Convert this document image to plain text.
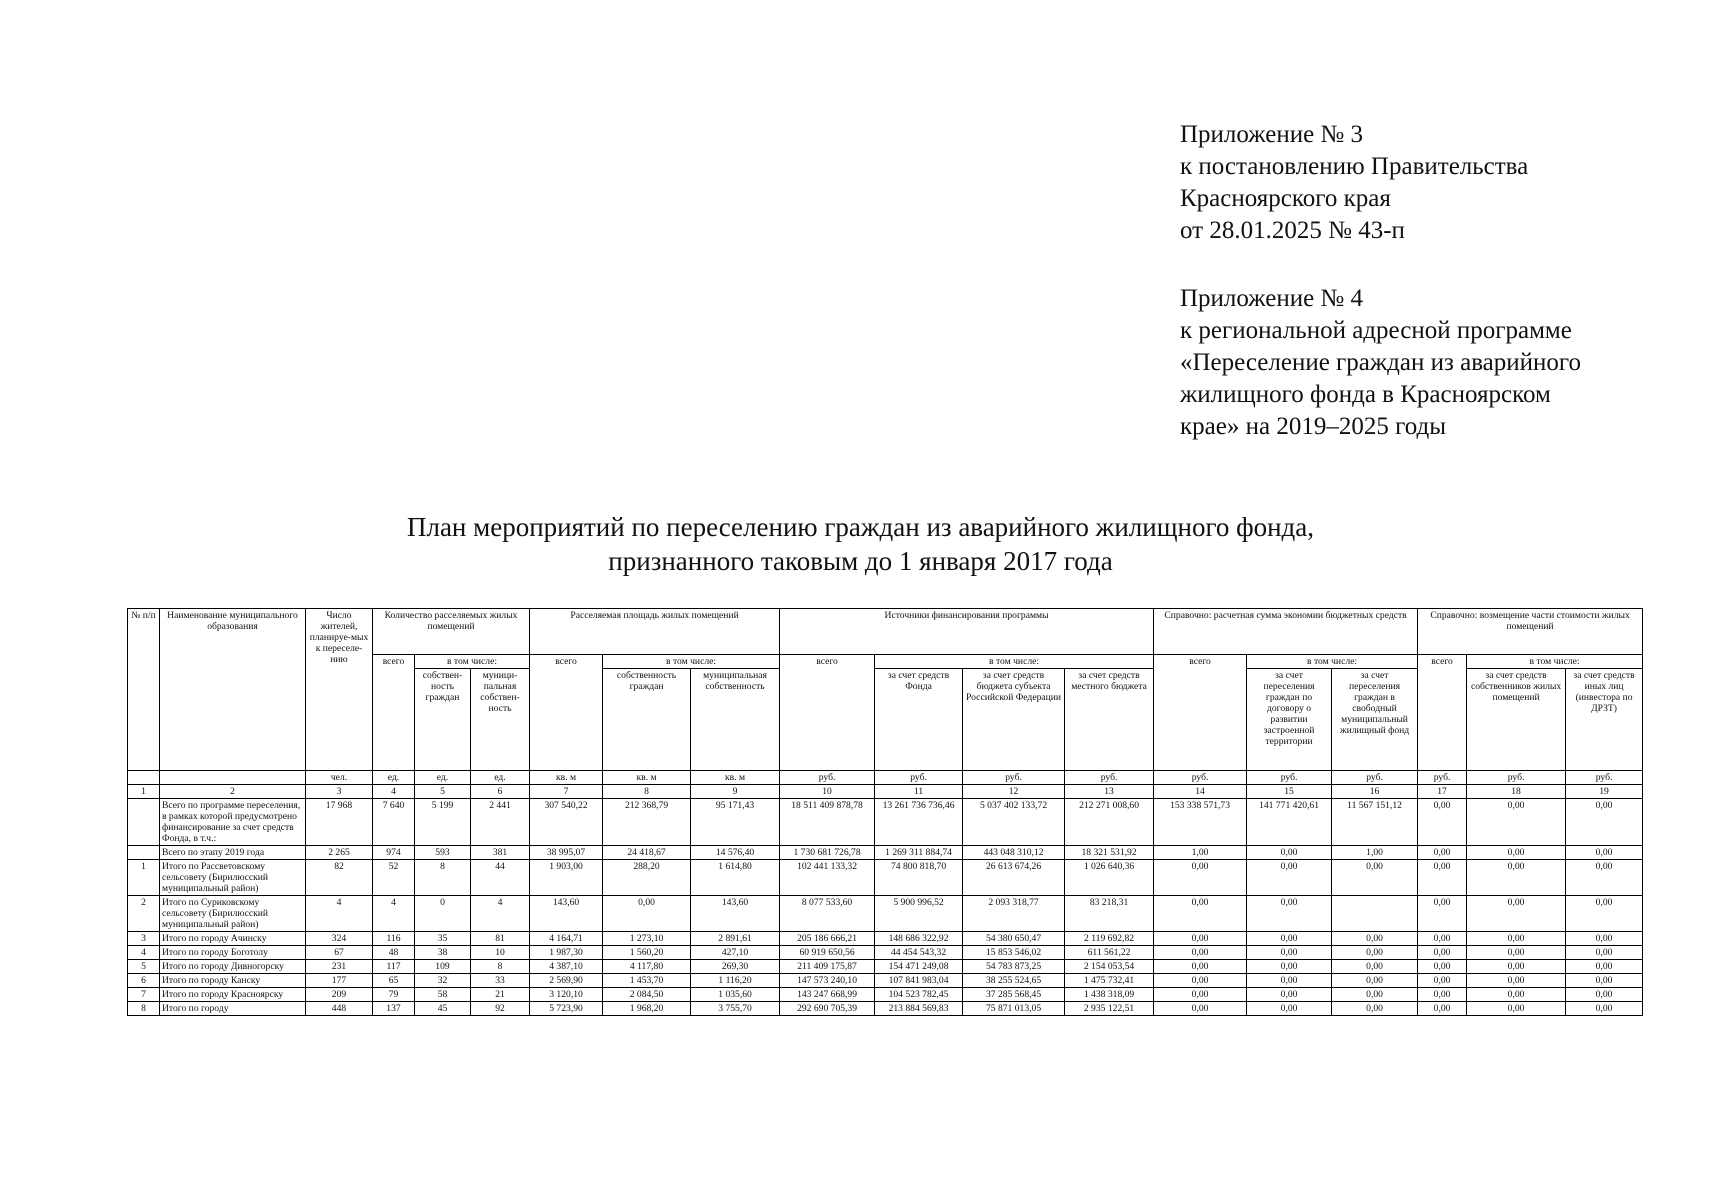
Приложение № 3
к постановлению Правительства
Красноярского края
от 28.01.2025 № 43-п
Приложение № 4
к региональной адресной программе
«Переселение граждан из аварийного
жилищного фонда в Красноярском
крае» на 2019–2025 годы
План мероприятий по переселению граждан из аварийного жилищного фонда,
признанного таковым до 1 января 2017 года
№ п/п	Наименование муниципального образования	Число жителей, планируе-мых к переселе-нию	Количество расселяемых жилых помещений			Расселяемая площадь жилых помещений			Источники финансирования программы				Справочно: расчетная сумма экономии бюджетных средств			Справочно: возмещение части стоимости жилых помещений		
			всего	в том числе:		всего	в том числе:		всего	в том числе:			всего	в том числе:		всего	в том числе:	
				собствен-ность граждан	муници-пальная собствен-ность		собственность граждан	муниципальная собственность		за счет средств Фонда	за счет средств бюджета субъекта Российской Федерации	за счет средств местного бюджета		за счет переселения граждан по договору о развитии застроенной территории	за счет переселения граждан в свободный муниципальный жилищный фонд		за счет средств собственников жилых помещений	за счет средств иных лиц (инвестора по ДРЗТ)
		чел.	ед.	ед.	ед.	кв. м	кв. м	кв. м	руб.	руб.	руб.	руб.	руб.	руб.	руб.	руб.	руб.	руб.
1	2	3	4	5	6	7	8	9	10	11	12	13	14	15	16	17	18	19
	Всего по программе переселения, в рамках которой предусмотрено финансирование за счет средств Фонда, в т.ч.:	17 968	7 640	5 199	2 441	307 540,22	212 368,79	95 171,43	18 511 409 878,78	13 261 736 736,46	5 037 402 133,72	212 271 008,60	153 338 571,73	141 771 420,61	11 567 151,12	0,00	0,00	0,00
	Всего по этапу 2019 года	2 265	974	593	381	38 995,07	24 418,67	14 576,40	1 730 681 726,78	1 269 311 884,74	443 048 310,12	18 321 531,92	1,00	0,00	1,00	0,00	0,00	0,00
1	Итого по Рассветовскому сельсовету (Бирилюсский муниципальный район)	82	52	8	44	1 903,00	288,20	1 614,80	102 441 133,32	74 800 818,70	26 613 674,26	1 026 640,36	0,00	0,00	0,00	0,00	0,00	0,00
2	Итого по Суриковскому сельсовету (Бирилюсский муниципальный район)	4	4	0	4	143,60	0,00	143,60	8 077 533,60	5 900 996,52	2 093 318,77	83 218,31	0,00	0,00		0,00	0,00	0,00
3	Итого по городу Ачинску	324	116	35	81	4 164,71	1 273,10	2 891,61	205 186 666,21	148 686 322,92	54 380 650,47	2 119 692,82	0,00	0,00	0,00	0,00	0,00	0,00
4	Итого по городу Боготолу	67	48	38	10	1 987,30	1 560,20	427,10	60 919 650,56	44 454 543,32	15 853 546,02	611 561,22	0,00	0,00	0,00	0,00	0,00	0,00
5	Итого по городу Дивногорску	231	117	109	8	4 387,10	4 117,80	269,30	211 409 175,87	154 471 249,08	54 783 873,25	2 154 053,54	0,00	0,00	0,00	0,00	0,00	0,00
6	Итого по городу Канску	177	65	32	33	2 569,90	1 453,70	1 116,20	147 573 240,10	107 841 983,04	38 255 524,65	1 475 732,41	0,00	0,00	0,00	0,00	0,00	0,00
7	Итого по городу Красноярску	209	79	58	21	3 120,10	2 084,50	1 035,60	143 247 668,99	104 523 782,45	37 285 568,45	1 438 318,09	0,00	0,00	0,00	0,00	0,00	0,00
8	Итого по городу	448	137	45	92	5 723,90	1 968,20	3 755,70	292 690 705,39	213 884 569,83	75 871 013,05	2 935 122,51	0,00	0,00	0,00	0,00	0,00	0,00
